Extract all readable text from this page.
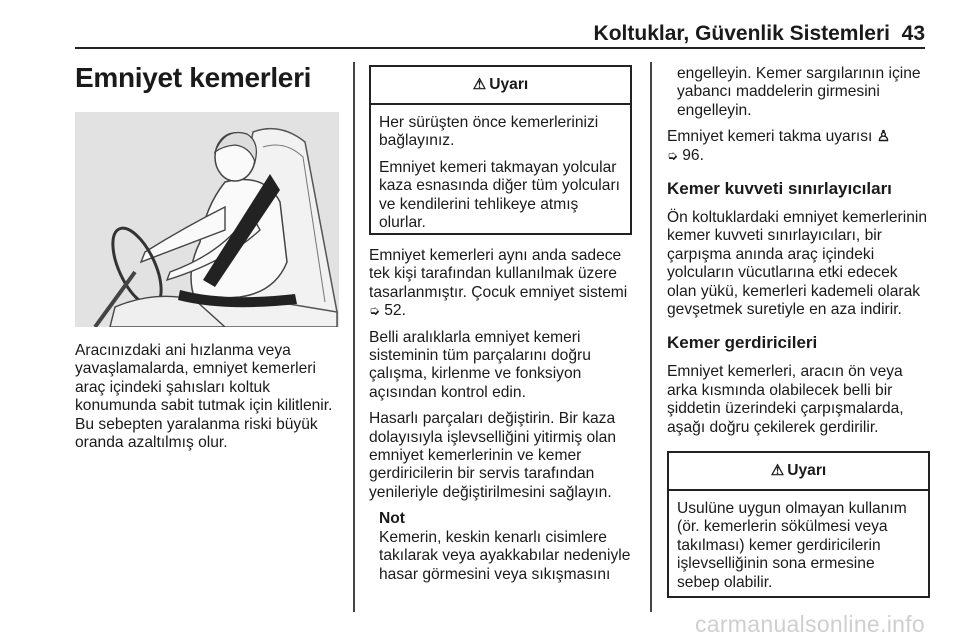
Koltuklar, Güvenlik Sistemleri 43
Emniyet kemerleri

Aracınızdaki ani hızlanma veya yavaşlamalarda, emniyet kemerleri araç içindeki şahısları koltuk konumunda sabit tutmak için kilitlenir. Bu sebepten yaralanma riski büyük oranda azaltılmış olur.

⚠ Uyarı

Her sürüşten önce kemerlerinizi bağlayınız.

Emniyet kemeri takmayan yolcular kaza esnasında diğer tüm yolcuları ve kendilerini tehlikeye atmış olurlar.

Emniyet kemerleri aynı anda sadece tek kişi tarafından kullanılmak üzere tasarlanmıştır. Çocuk emniyet sistemi ➭ 52.

Belli aralıklarla emniyet kemeri sisteminin tüm parçalarını doğru çalışma, kirlenme ve fonksiyon açısından kontrol edin.

Hasarlı parçaları değiştirin. Bir kaza dolayısıyla işlevselliğini yitirmiş olan emniyet kemerlerinin ve kemer gerdiricilerin bir servis tarafından yenileriyle değiştirilmesini sağlayın.

Not
Kemerin, keskin kenarlı cisimlere takılarak veya ayakkabılar nedeniyle hasar görmesini veya sıkışmasını

engelleyin. Kemer sargılarının içine yabancı maddelerin girmesini engelleyin.

Emniyet kemeri takma uyarısı ♙
➭ 96.

Kemer kuvveti sınırlayıcıları

Ön koltuklardaki emniyet kemerlerinin kemer kuvveti sınırlayıcıları, bir çarpışma anında araç içindeki yolcuların vücutlarına etki edecek olan yükü, kemerleri kademeli olarak gevşetmek suretiyle en aza indirir.

Kemer gerdiricileri

Emniyet kemerleri, aracın ön veya arka kısmında olabilecek belli bir şiddetin üzerindeki çarpışmalarda, aşağı doğru çekilerek gerdirilir.

⚠ Uyarı

Usulüne uygun olmayan kullanım (ör. kemerlerin sökülmesi veya takılması) kemer gerdiricilerin işlevselliğinin sona ermesine sebep olabilir.

carmanualsonline.info
